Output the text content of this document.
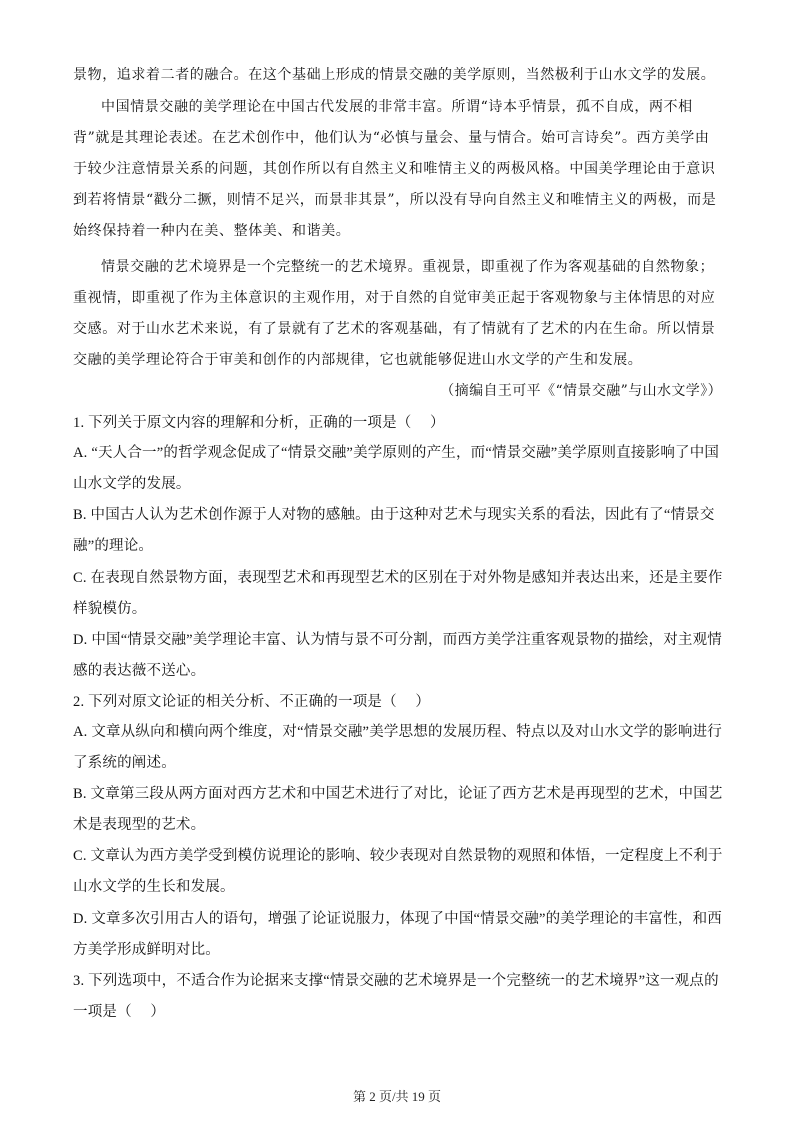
景物，追求着二者的融合。在这个基础上形成的情景交融的美学原则，当然极利于山水文学的发展。

中国情景交融的美学理论在中国古代发展的非常丰富。所谓“诗本乎情景，孤不自成，两不相背”就是其理论表述。在艺术创作中，他们认为“必慎与量会、量与情合。始可言诗矣”。西方美学由于较少注意情景关系的问题，其创作所以有自然主义和唯情主义的两极风格。中国美学理论由于意识到若将情景“戳分二撅，则情不足兴，而景非其景”，所以没有导向自然主义和唯情主义的两极，而是始终保持着一种内在美、整体美、和谐美。

情景交融的艺术境界是一个完整统一的艺术境界。重视景，即重视了作为客观基础的自然物象；重视情，即重视了作为主体意识的主观作用，对于自然的自觉审美正起于客观物象与主体情思的对应交感。对于山水艺术来说，有了景就有了艺术的客观基础，有了情就有了艺术的内在生命。所以情景交融的美学理论符合于审美和创作的内部规律，它也就能够促进山水文学的产生和发展。

（摘编自王可平《“情景交融”与山水文学》）

1. 下列关于原文内容的理解和分析，正确的一项是（　 ）

A. “天人合一”的哲学观念促成了“情景交融”美学原则的产生，而“情景交融”美学原则直接影响了中国山水文学的发展。

B. 中国古人认为艺术创作源于人对物的感触。由于这种对艺术与现实关系的看法，因此有了“情景交融”的理论。

C. 在表现自然景物方面，表现型艺术和再现型艺术的区别在于对外物是感知并表达出来，还是主要作样貌模仿。

D. 中国“情景交融”美学理论丰富、认为情与景不可分割，而西方美学注重客观景物的描绘，对主观情感的表达薇不送心。

2. 下列对原文论证的相关分析、不正确的一项是（　 ）

A. 文章从纵向和横向两个维度，对“情景交融”美学思想的发展历程、特点以及对山水文学的影响进行了系统的阐述。

B. 文章第三段从两方面对西方艺术和中国艺术进行了对比，论证了西方艺术是再现型的艺术，中国艺术是表现型的艺术。

C. 文章认为西方美学受到模仿说理论的影响、较少表现对自然景物的观照和体悟，一定程度上不利于山水文学的生长和发展。

D. 文章多次引用古人的语句，增强了论证说服力，体现了中国“情景交融”的美学理论的丰富性，和西方美学形成鲜明对比。

3. 下列选项中，不适合作为论据来支撑“情景交融的艺术境界是一个完整统一的艺术境界”这一观点的一项是（　 ）

第 2 页/共 19 页
